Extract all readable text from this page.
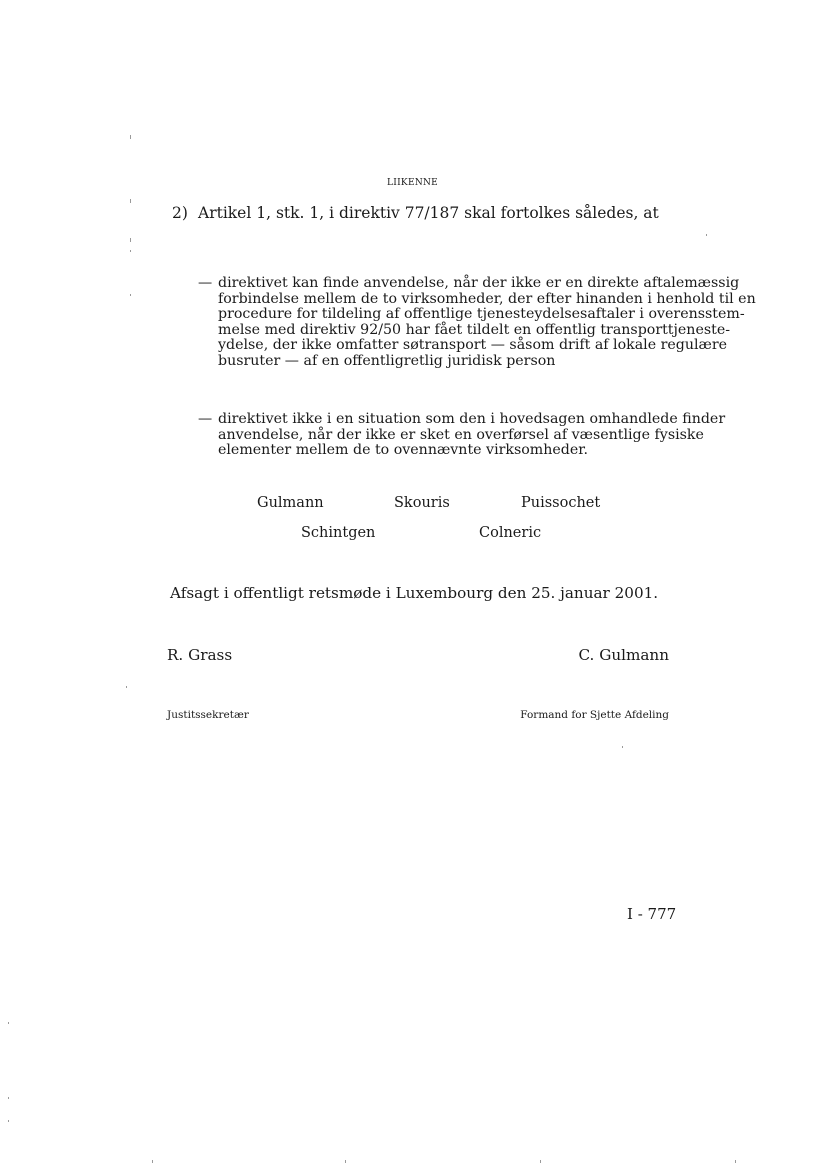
LIIKENNE
2) Artikel 1, stk. 1, i direktiv 77/187 skal fortolkes således, at
— direktivet kan finde anvendelse, når der ikke er en direkte aftalemæssig
forbindelse mellem de to virksomheder, der efter hinanden i henhold til en
procedure for tildeling af offentlige tjenesteydelsesaftaler i overensstem-
melse med direktiv 92/50 har fået tildelt en offentlig transporttjeneste-
ydelse, der ikke omfatter søtransport — såsom drift af lokale regulære
busruter — af en offentligretlig juridisk person
— direktivet ikke i en situation som den i hovedsagen omhandlede finder
anvendelse, når der ikke er sket en overførsel af væsentlige fysiske
elementer mellem de to ovennævnte virksomheder.
Gulmann	Skouris	Puissochet
Schintgen	Colneric
Afsagt i offentligt retsmøde i Luxembourg den 25. januar 2001.
R. Grass	C. Gulmann
Justitssekretær	Formand for Sjette Afdeling
I - 777
